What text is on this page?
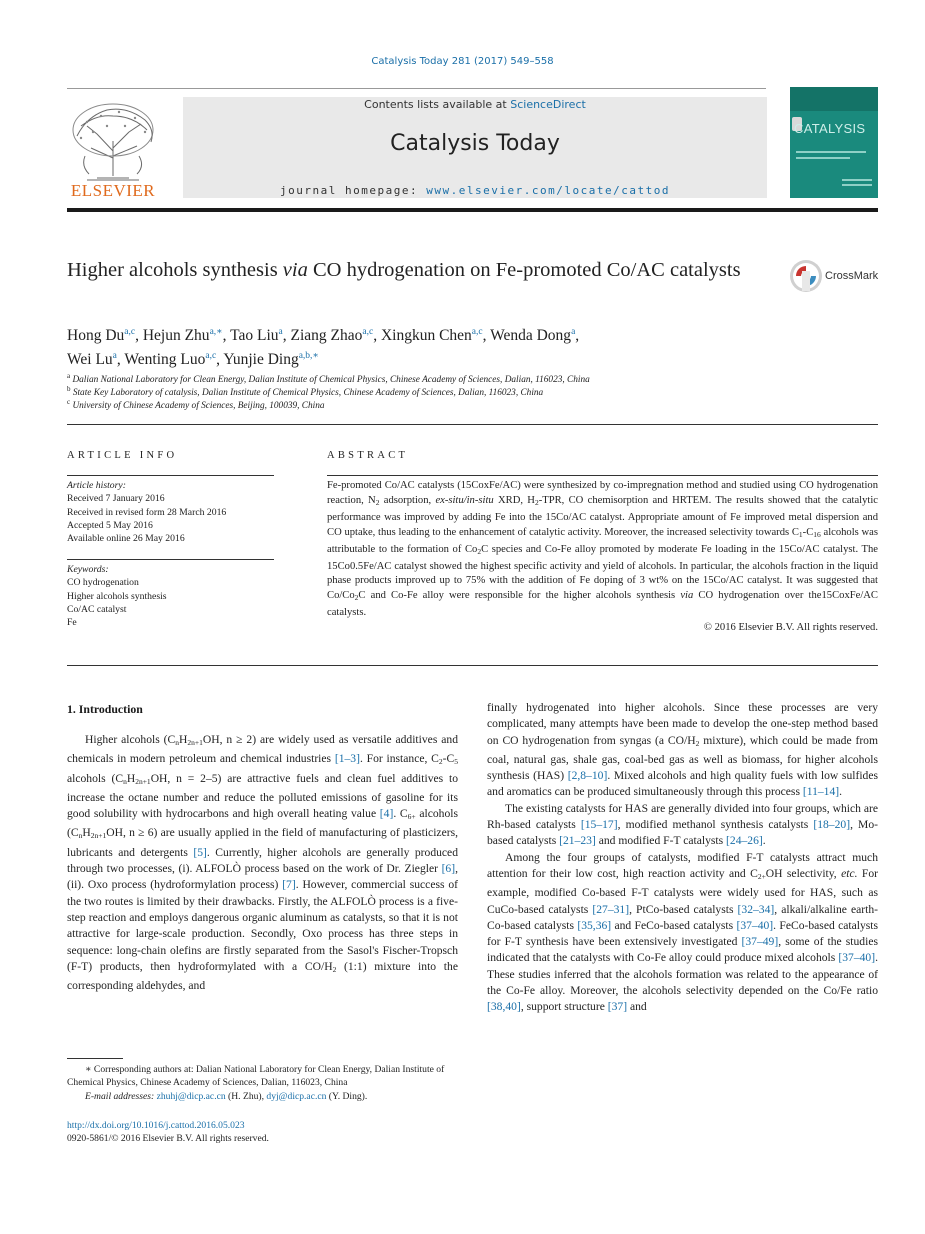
Catalysis Today 281 (2017) 549–558
ELSEVIER
Contents lists available at ScienceDirect
Catalysis Today
journal homepage: www.elsevier.com/locate/cattod
CATALYSIS
Higher alcohols synthesis via CO hydrogenation on Fe-promoted Co/AC catalysts	CrossMark
Hong Du$^{a,c}$, Hejun Zhu$^{a,∗}$, Tao Liu$^a$, Ziang Zhao$^{a,c}$, Xingkun Chen$^{a,c}$, Wenda Dong$^a$,
Wei Lu$^a$, Wenting Luo$^{a,c}$, Yunjie Ding$^{a,b,∗}$
$^a$ Dalian National Laboratory for Clean Energy, Dalian Institute of Chemical Physics, Chinese Academy of Sciences, Dalian, 116023, China
$^b$ State Key Laboratory of catalysis, Dalian Institute of Chemical Physics, Chinese Academy of Sciences, Dalian, 116023, China
$^c$ University of Chinese Academy of Sciences, Beijing, 100039, China
ARTICLE INFO
Article history:
Received 7 January 2016
Received in revised form 28 March 2016
Accepted 5 May 2016
Available online 26 May 2016
Keywords:
CO hydrogenation
Higher alcohols synthesis
Co/AC catalyst
Fe
ABSTRACT
Fe-promoted Co/AC catalysts (15CoxFe/AC) were synthesized by co-impregnation method and studied using CO hydrogenation reaction, $N_2$ adsorption, ex-situ/in-situ XRD, $H_2$-TPR, CO chemisorption and HRTEM. The results showed that the catalytic performance was improved by adding Fe into the 15Co/AC catalyst. Appropriate amount of Fe improved metal dispersion and CO uptake, thus leading to the enhancement of catalytic activity. Moreover, the increased selectivity towards $C_1-C_{16}$ alcohols was attributable to the formation of $Co_2C$ species and Co-Fe alloy promoted by moderate Fe loading in the 15Co/AC catalyst. The 15Co0.5Fe/AC catalyst showed the highest specific activity and yield of alcohols. In particular, the alcohols fraction in the liquid phase products improved up to 75% with the addition of Fe doping of 3 wt% on the 15Co/AC catalyst. It was suggested that $Co/Co_2C$ and Co-Fe alloy were responsible for the higher alcohols synthesis via CO hydrogenation over the15CoxFe/AC catalysts.
© 2016 Elsevier B.V. All rights reserved.
1. Introduction

Higher alcohols ($C_nH_{2n+1}OH$, n ≥ 2) are widely used as versatile additives and chemicals in modern petroleum and chemical industries [1–3]. For instance, $C_2-C_5$ alcohols ($C_nH_{2n+1}OH$, n = 2–5) are attractive fuels and clean fuel additives to increase the octane number and reduce the polluted emissions of gasoline for its good solubility with hydrocarbons and high overall heating value [4]. $C_{6+}$ alcohols ($C_nH_{2n+1}OH$, n ≥ 6) are usually applied in the field of manufacturing of plasticizers, lubricants and detergents [5]. Currently, higher alcohols are generally produced through two processes, (i). ALFOLÒ process based on the work of Dr. Ziegler [6], (ii). Oxo process (hydroformylation process) [7]. However, commercial success of the two routes is limited by their drawbacks. Firstly, the ALFOLÒ process is a five-step reaction and employs dangerous organic aluminum as catalysts, so that it is not attractive for large-scale production. Secondly, Oxo process has three steps in sequence: long-chain olefins are firstly separated from the Sasol's Fischer-Tropsch (F-T) products, then hydroformylated with a $CO/H_2$ (1:1) mixture into the corresponding aldehydes, and

finally hydrogenated into higher alcohols. Since these processes are very complicated, many attempts have been made to develop the one-step method based on CO hydrogenation from syngas (a $CO/H_2$ mixture), which could be made from coal, natural gas, shale gas, coal-bed gas as well as biomass, for higher alcohols synthesis (HAS) [2,8–10]. Mixed alcohols and high quality fuels with low sulfides and aromatics can be produced simultaneously through this process [11–14].

The existing catalysts for HAS are generally divided into four groups, which are Rh-based catalysts [15–17], modified methanol synthesis catalysts [18–20], Mo-based catalysts [21–23] and modified F-T catalysts [24–26].

Among the four groups of catalysts, modified F-T catalysts attract much attention for their low cost, high reaction activity and $C_{2+}OH$ selectivity, etc. For example, modified Co-based F-T catalysts were widely used for HAS, such as CuCo-based catalysts [27–31], PtCo-based catalysts [32–34], alkali/alkaline earth-Co-based catalysts [35,36] and FeCo-based catalysts [37–40]. FeCo-based catalysts for F-T synthesis have been extensively investigated [37–49], some of the studies indicated that the catalysts with Co-Fe alloy could produce mixed alcohols [37–40]. These studies inferred that the alcohols formation was related to the appearance of the Co-Fe alloy. Moreover, the alcohols selectivity depended on the Co/Fe ratio [38,40], support structure [37] and

∗ Corresponding authors at: Dalian National Laboratory for Clean Energy, Dalian Institute of Chemical Physics, Chinese Academy of Sciences, Dalian, 116023, China
E-mail addresses: zhuhj@dicp.ac.cn (H. Zhu), dyj@dicp.ac.cn (Y. Ding).
http://dx.doi.org/10.1016/j.cattod.2016.05.023
0920-5861/© 2016 Elsevier B.V. All rights reserved.
